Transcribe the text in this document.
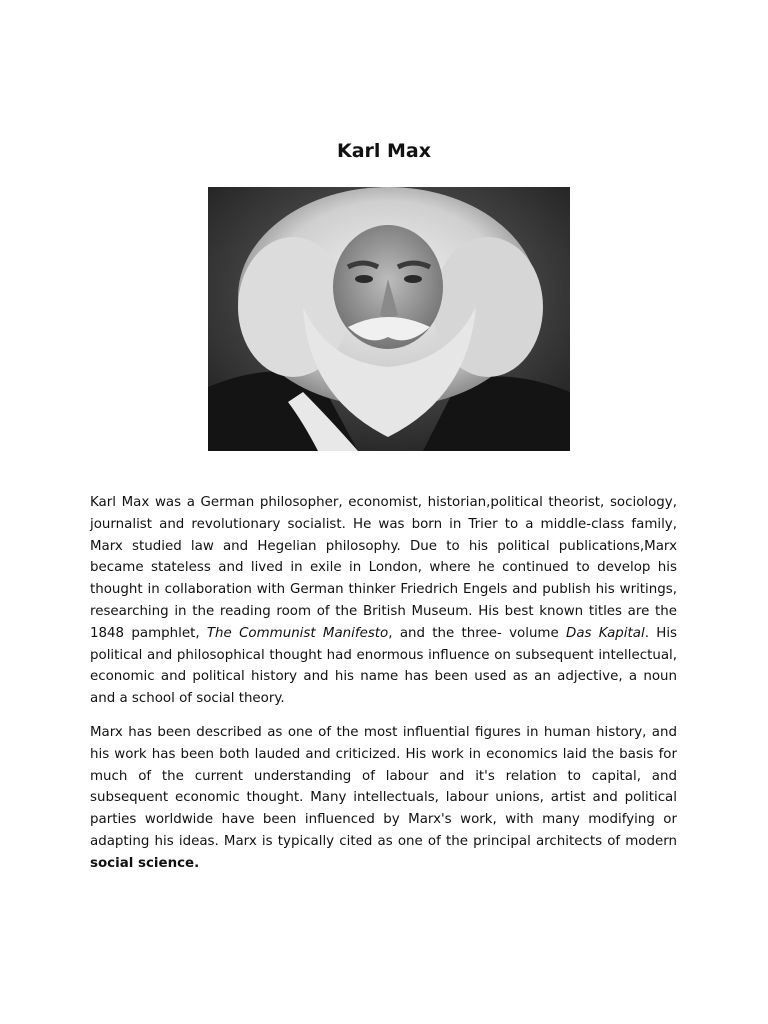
Karl Max

Karl Max was a German philosopher, economist, historian,political theorist, sociology, journalist and revolutionary socialist. He was born in Trier to a middle-class family, Marx studied law and Hegelian philosophy. Due to his political publications,Marx became stateless and lived in exile in London, where he continued to develop his thought in collaboration with German thinker Friedrich Engels and publish his writings, researching in the reading room of the British Museum. His best known titles are the 1848 pamphlet, The Communist Manifesto, and the three- volume Das Kapital. His political and philosophical thought had enormous influence on subsequent intellectual, economic and political history and his name has been used as an adjective, a noun and a school of social theory.

Marx has been described as one of the most influential figures in human history, and his work has been both lauded and criticized. His work in economics laid the basis for much of the current understanding of labour and it's relation to capital, and subsequent economic thought. Many intellectuals, labour unions, artist and political parties worldwide have been influenced by Marx's work, with many modifying or adapting his ideas. Marx is typically cited as one of the principal architects of modern social science.
